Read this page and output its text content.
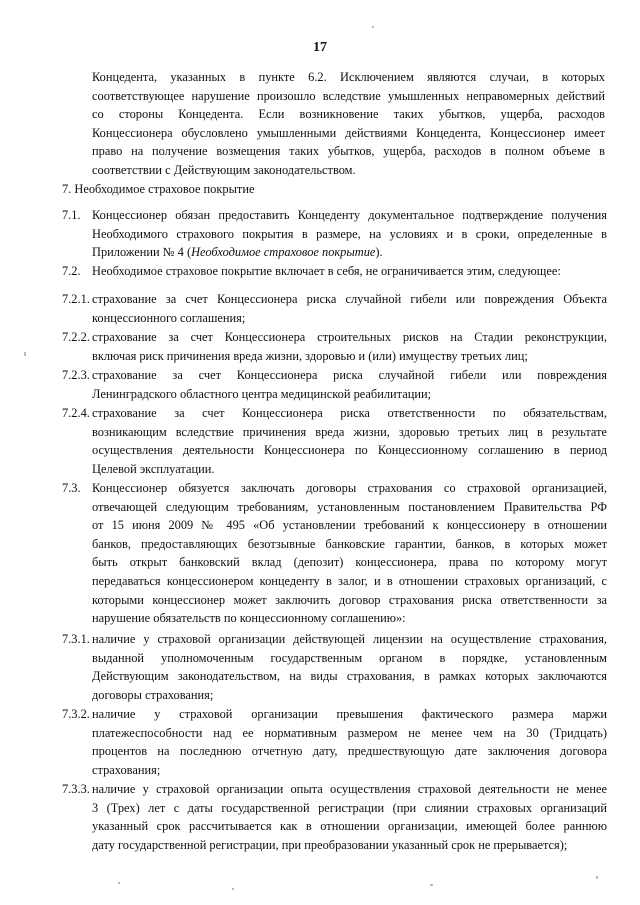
17
Концедента, указанных в пункте 6.2. Исключением являются случаи, в которых
соответствующее нарушение произошло вследствие умышленных неправомерных действий
со стороны Концедента. Если возникновение таких убытков, ущерба, расходов
Концессионера обусловлено умышленными действиями Концедента, Концессионер имеет
право на получение возмещения таких убытков, ущерба, расходов в полном объеме в
соответствии с Действующим законодательством.
7. Необходимое страховое покрытие
7.1. Концессионер обязан предоставить Концеденту документальное подтверждение получения
Необходимого страхового покрытия в размере, на условиях и в сроки, определенные в
Приложении № 4 (Необходимое страховое покрытие).
7.2. Необходимое страховое покрытие включает в себя, не ограничивается этим, следующее:
7.2.1. страхование за счет Концессионера риска случайной гибели или повреждения Объекта
концессионного соглашения;
7.2.2. страхование за счет Концессионера строительных рисков на Стадии реконструкции,
включая риск причинения вреда жизни, здоровью и (или) имуществу третьих лиц;
7.2.3. страхование за счет Концессионера риска случайной гибели или повреждения
Ленинградского областного центра медицинской реабилитации;
7.2.4. страхование за счет Концессионера риска ответственности по обязательствам,
возникающим вследствие причинения вреда жизни, здоровью третьих лиц в результате
осуществления деятельности Концессионера по Концессионному соглашению в период
Целевой эксплуатации.
7.3. Концессионер обязуется заключать договоры страхования со страховой организацией,
отвечающей следующим требованиям, установленным постановлением Правительства РФ
от 15 июня 2009 № 495 «Об установлении требований к концессионеру в отношении
банков, предоставляющих безотзывные банковские гарантии, банков, в которых может
быть открыт банковский вклад (депозит) концессионера, права по которому могут
передаваться концессионером концеденту в залог, и в отношении страховых организаций, с
которыми концессионер может заключить договор страхования риска ответственности за
нарушение обязательств по концессионному соглашению»:
7.3.1. наличие у страховой организации действующей лицензии на осуществление страхования,
выданной уполномоченным государственным органом в порядке, установленным
Действующим законодательством, на виды страхования, в рамках которых заключаются
договоры страхования;
7.3.2. наличие у страховой организации превышения фактического размера маржи
платежеспособности над ее нормативным размером не менее чем на 30 (Тридцать)
процентов на последнюю отчетную дату, предшествующую дате заключения договора
страхования;
7.3.3. наличие у страховой организации опыта осуществления страховой деятельности не менее
3 (Трех) лет с даты государственной регистрации (при слиянии страховых организаций
указанный срок рассчитывается как в отношении организации, имеющей более раннюю
дату государственной регистрации, при преобразовании указанный срок не прерывается);
